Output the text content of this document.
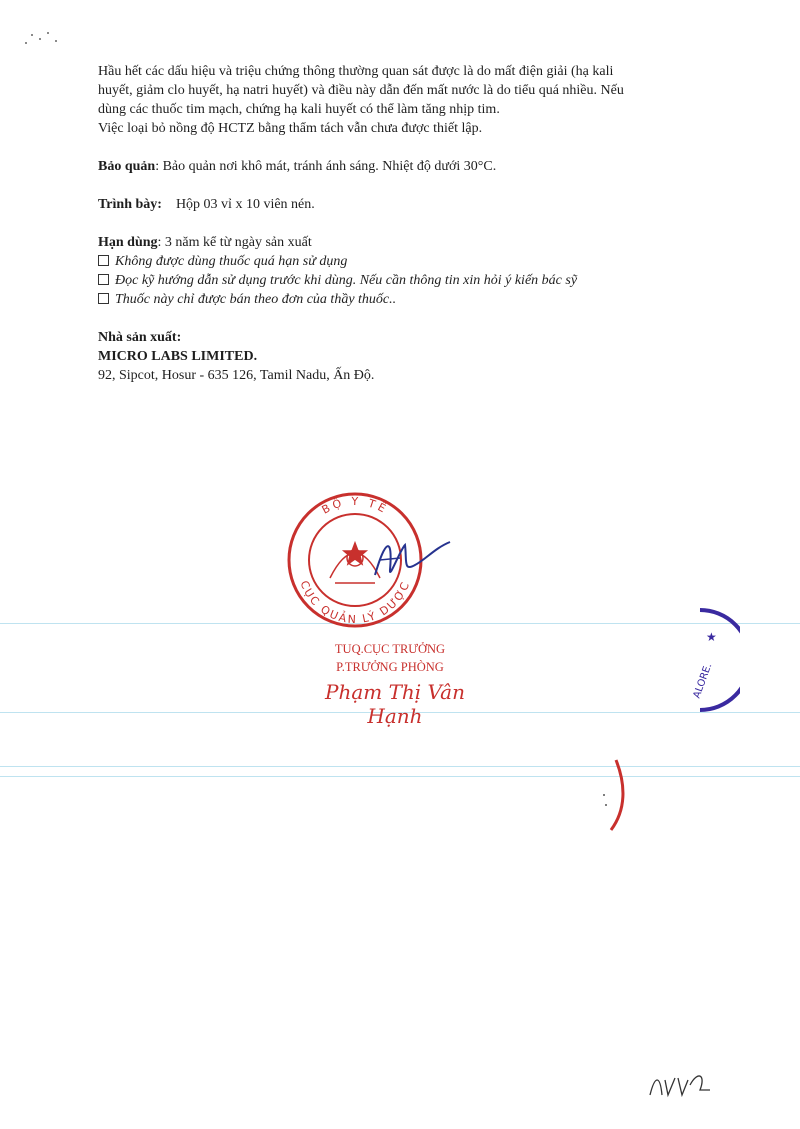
Hầu hết các dấu hiệu và triệu chứng thông thường quan sát được là do mất điện giải (hạ kali

huyết, giảm clo huyết, hạ natri huyết) và điều này dẫn đến mất nước là do tiểu quá nhiều. Nếu

dùng các thuốc tim mạch, chứng hạ kali huyết có thể làm tăng nhịp tim.

Việc loại bỏ nồng độ HCTZ bằng thẩm tách vẫn chưa được thiết lập.

Bảo quản: Bảo quản nơi khô mát, tránh ánh sáng. Nhiệt độ dưới 30°C.

Trình bày: Hộp 03 vỉ x 10 viên nén.

Hạn dùng: 3 năm kể từ ngày sản xuất

Không được dùng thuốc quá hạn sử dụng

Đọc kỹ hướng dẫn sử dụng trước khi dùng. Nếu cần thông tin xin hỏi ý kiến bác sỹ

Thuốc này chỉ được bán theo đơn của thầy thuốc..

Nhà sản xuất:

MICRO LABS LIMITED.

92, Sipcot, Hosur - 635 126, Tamil Nadu, Ấn Độ.

BỘ Y TẾ
CỤC QUẢN LÝ DƯỢC
TUQ.CỤC TRƯỞNG
P.TRƯỞNG PHÒNG
Phạm Thị Vân Hạnh
ALORE.
★
